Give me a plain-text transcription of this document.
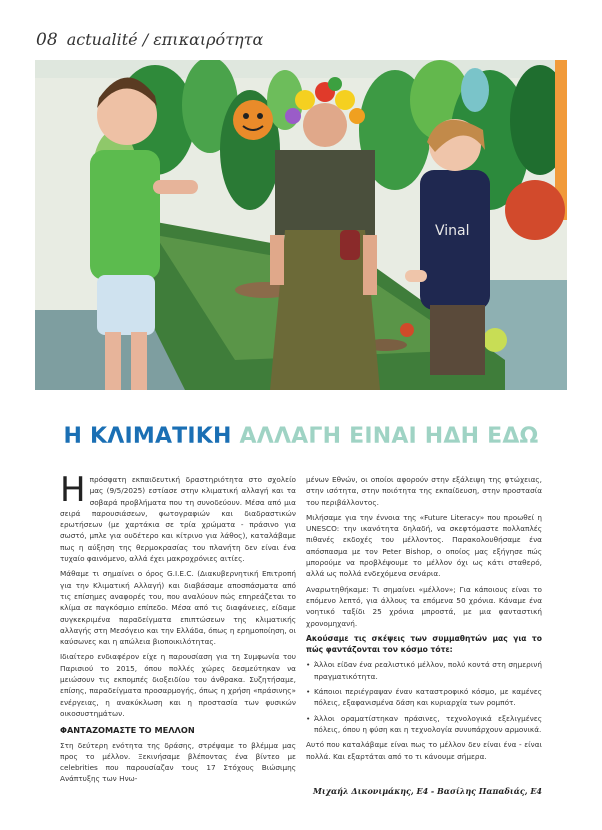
08 actualité / επικαιρότητα
Vinal
Η ΚΛΙΜΑΤΙΚΗ ΑΛΛΑΓΗ ΕΙΝΑΙ ΗΔΗ ΕΔΩ

Ηπρόσφατη εκπαιδευτική δραστηριότητα στο σχολείο μας (9/5/2025) εστίασε στην κλιματική αλλαγή και τα σοβαρά προβλήματα που τη συνοδεύουν. Μέσα από μια σειρά παρουσιάσεων, φωτογραφιών και διαδραστικών ερωτήσεων (με χαρτάκια σε τρία χρώματα - πράσινο για σωστό, μπλε για ουδέτερο και κίτρινο για λάθος), καταλάβαμε πως η αύξηση της θερμοκρασίας του πλανήτη δεν είναι ένα τυχαίο φαινόμενο, αλλά έχει μακροχρόνιες αιτίες.

Μάθαμε τι σημαίνει ο όρος G.I.E.C. (Διακυβερνητική Επιτροπή για την Κλιματική Αλλαγή) και διαβάσαμε αποσπάσματα από τις επίσημες αναφορές του, που αναλύουν πώς επηρεάζεται το κλίμα σε παγκόσμιο επίπεδο. Μέσα από τις διαφάνειες, είδαμε συγκεκριμένα παραδείγματα επιπτώσεων της κλιματικής αλλαγής στη Μεσόγειο και την Ελλάδα, όπως η ερημοποίηση, οι καύσωνες και η απώλεια βιοποικιλότητας.

Ιδιαίτερο ενδιαφέρον είχε η παρουσίαση για τη Συμφωνία του Παρισιού το 2015, όπου πολλές χώρες δεσμεύτηκαν να μειώσουν τις εκπομπές διοξειδίου του άνθρακα. Συζητήσαμε, επίσης, παραδείγματα προσαρμογής, όπως η χρήση «πράσινης» ενέργειας, η ανακύκλωση και η προστασία των φυσικών οικοσυστημάτων.

ΦΑΝΤΑΖΟΜΑΣΤΕ ΤΟ ΜΕΛΛΟΝ

Στη δεύτερη ενότητα της δράσης, στρέψαμε το βλέμμα μας προς το μέλλον. Ξεκινήσαμε βλέποντας ένα βίντεο με celebrities που παρουσίαζαν τους 17 Στόχους Βιώσιμης Ανάπτυξης των Ηνω-

μένων Εθνών, οι οποίοι αφορούν στην εξάλειψη της φτώχειας, στην ισότητα, στην ποιότητα της εκπαίδευση, στην προστασία του περιβάλλοντος.

Μιλήσαμε για την έννοια της «Future Literacy» που προωθεί η UNESCO: την ικανότητα δηλαδή, να σκεφτόμαστε πολλαπλές πιθανές εκδοχές του μέλλοντος. Παρακολουθήσαμε ένα απόσπασμα με τον Peter Bishop, ο οποίος μας εξήγησε πώς μπορούμε να προβλέψουμε το μέλλον όχι ως κάτι σταθερό, αλλά ως πολλά ενδεχόμενα σενάρια.

Αναρωτηθήκαμε: Τι σημαίνει «μέλλον»; Για κάποιους είναι το επόμενο λεπτό, για άλλους τα επόμενα 50 χρόνια. Κάναμε ένα νοητικό ταξίδι 25 χρόνια μπροστά, με μια φανταστική χρονομηχανή.

Ακούσαμε τις σκέψεις των συμμαθητών μας για το πώς φαντάζονται τον κόσμο τότε:

• Άλλοι είδαν ένα ρεαλιστικό μέλλον, πολύ κοντά στη σημερινή πραγματικότητα.
• Κάποιοι περιέγραψαν έναν καταστροφικό κόσμο, με καμένες πόλεις, εξαφανισμένα δάση και κυριαρχία των ρομπότ.
• Άλλοι οραματίστηκαν πράσινες, τεχνολογικά εξελιγμένες πόλεις, όπου η φύση και η τεχνολογία συνυπάρχουν αρμονικά.

Αυτό που καταλάβαμε είναι πως το μέλλον δεν είναι ένα - είναι πολλά. Και εξαρτάται από το τι κάνουμε σήμερα.

Μιχαήλ Δικονιμάκης, Ε4 - Βασίλης Παπαδιάς, Ε4
